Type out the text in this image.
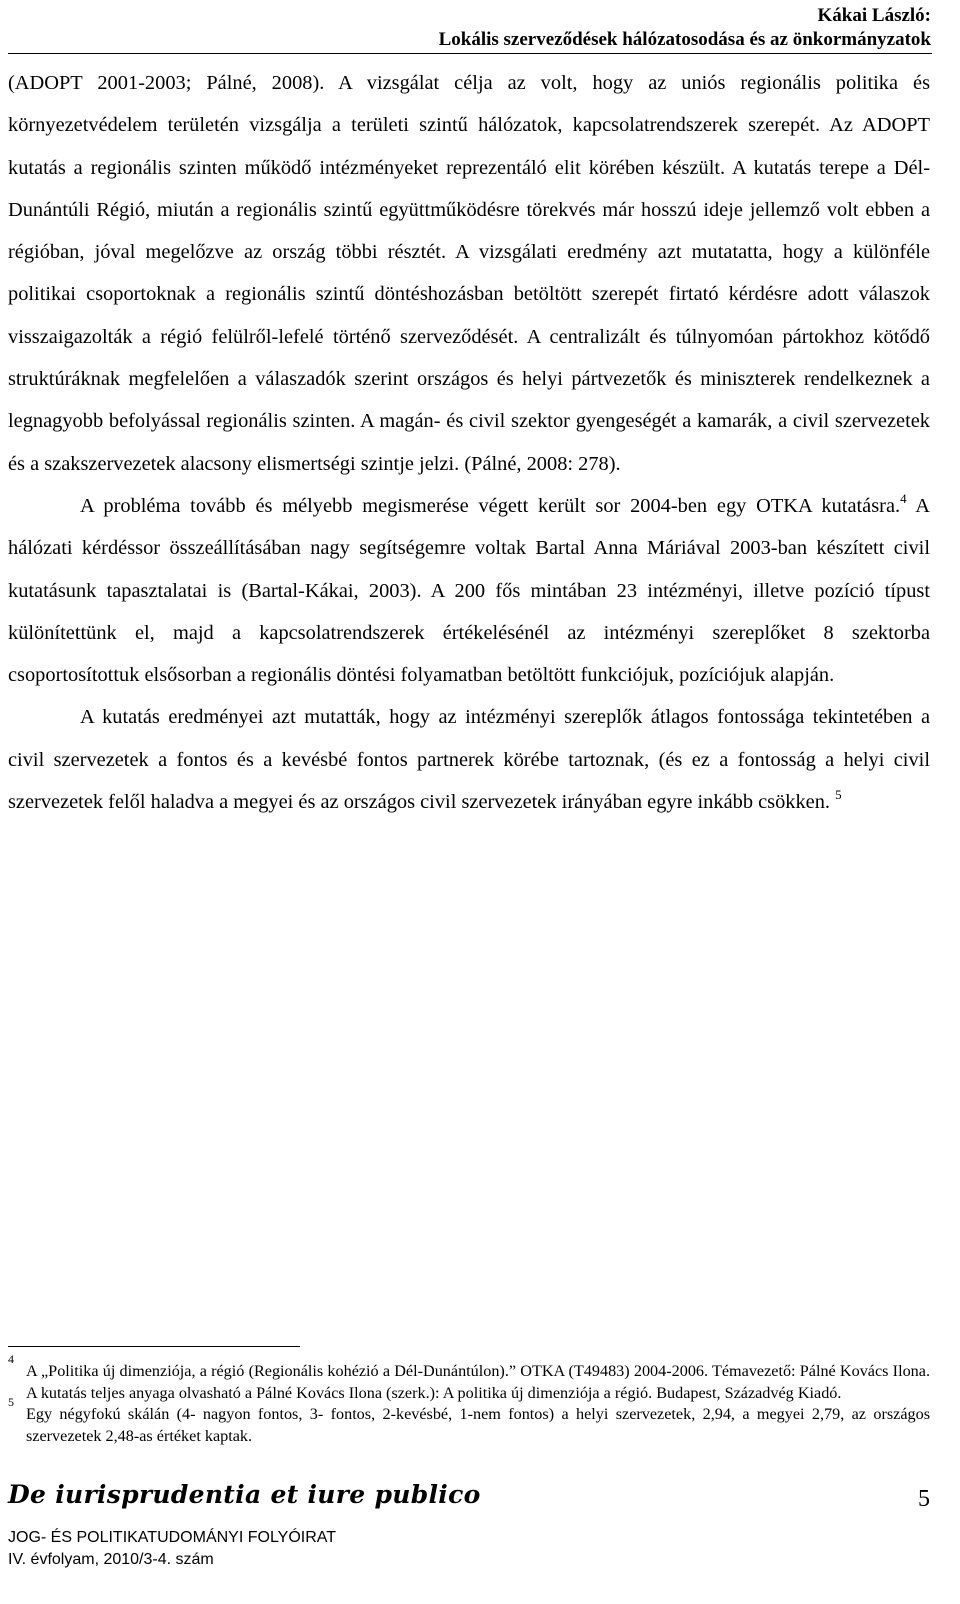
Kákai László:
Lokális szerveződések hálózatosodása és az önkormányzatok

(ADOPT 2001-2003; Pálné, 2008). A vizsgálat célja az volt, hogy az uniós regionális politika és környezetvédelem területén vizsgálja a területi szintű hálózatok, kapcsolatrendszerek szerepét. Az ADOPT kutatás a regionális szinten működő intézményeket reprezentáló elit körében készült. A kutatás terepe a Dél-Dunántúli Régió, miután a regionális szintű együttműködésre törekvés már hosszú ideje jellemző volt ebben a régióban, jóval megelőzve az ország többi résztét. A vizsgálati eredmény azt mutatatta, hogy a különféle politikai csoportoknak a regionális szintű döntéshozásban betöltött szerepét firtató kérdésre adott válaszok visszaigazolták a régió felülről-lefelé történő szerveződését. A centralizált és túlnyomóan pártokhoz kötődő struktúráknak megfelelően a válaszadók szerint országos és helyi pártvezetők és miniszterek rendelkeznek a legnagyobb befolyással regionális szinten. A magán- és civil szektor gyengeségét a kamarák, a civil szervezetek és a szakszervezetek alacsony elismertségi szintje jelzi. (Pálné, 2008: 278).

A probléma tovább és mélyebb megismerése végett került sor 2004-ben egy OTKA kutatásra.$^4$ A hálózati kérdéssor összeállításában nagy segítségemre voltak Bartal Anna Máriával 2003-ban készített civil kutatásunk tapasztalatai is (Bartal-Kákai, 2003). A 200 fős mintában 23 intézményi, illetve pozíció típust különítettünk el, majd a kapcsolatrendszerek értékelésénél az intézményi szereplőket 8 szektorba csoportosítottuk elsősorban a regionális döntési folyamatban betöltött funkciójuk, pozíciójuk alapján.

A kutatás eredményei azt mutatták, hogy az intézményi szereplők átlagos fontossága tekintetében a civil szervezetek a fontos és a kevésbé fontos partnerek körébe tartoznak, (és ez a fontosság a helyi civil szervezetek felől haladva a megyei és az országos civil szervezetek irányában egyre inkább csökken. $^5$

4
A „Politika új dimenziója, a régió (Regionális kohézió a Dél-Dunántúlon).” OTKA (T49483) 2004-2006. Témavezető: Pálné Kovács Ilona. A kutatás teljes anyaga olvasható a Pálné Kovács Ilona (szerk.): A politika új dimenziója a régió. Budapest, Századvég Kiadó.

5
Egy négyfokú skálán (4- nagyon fontos, 3- fontos, 2-kevésbé, 1-nem fontos) a helyi szervezetek, 2,94, a megyei 2,79, az országos szervezetek 2,48-as értéket kaptak.

De iurisprudentia et iure publico	5
JOG- ÉS POLITIKATUDOMÁNYI FOLYÓIRAT
IV. évfolyam, 2010/3-4. szám
